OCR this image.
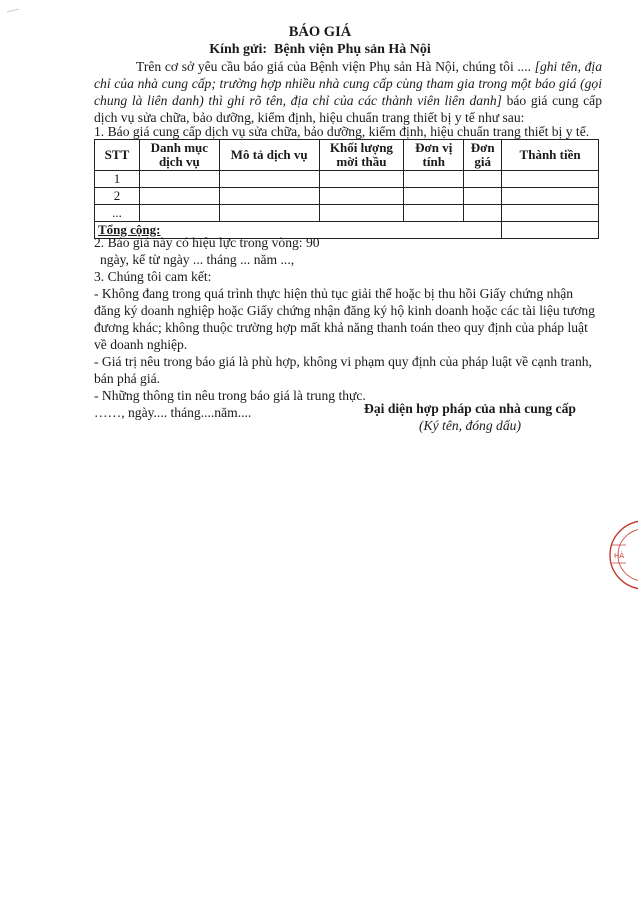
BÁO GIÁ
Kính gửi: Bệnh viện Phụ sản Hà Nội
Trên cơ sở yêu cầu báo giá của Bệnh viện Phụ sản Hà Nội, chúng tôi .... [ghi tên, địa chỉ của nhà cung cấp; trường hợp nhiều nhà cung cấp cùng tham gia trong một báo giá (gọi chung là liên danh) thì ghi rõ tên, địa chỉ của các thành viên liên danh] báo giá cung cấp dịch vụ sửa chữa, bảo dưỡng, kiểm định, hiệu chuẩn trang thiết bị y tế như sau:
1. Báo giá cung cấp dịch vụ sửa chữa, bảo dưỡng, kiểm định, hiệu chuẩn trang thiết bị y tế.
STT	Danh mục dịch vụ	Mô tả dịch vụ	Khối lượng mời thầu	Đơn vị tính	Đơn giá	Thành tiền
1						
2						
...						
Tổng cộng:						

2. Báo giá này có hiệu lực trong vòng: 90

ngày, kể từ ngày ... tháng ... năm ...,

3. Chúng tôi cam kết:

- Không đang trong quá trình thực hiện thủ tục giải thể hoặc bị thu hồi Giấy chứng nhận đăng ký doanh nghiệp hoặc Giấy chứng nhận đăng ký hộ kinh doanh hoặc các tài liệu tương đương khác; không thuộc trường hợp mất khả năng thanh toán theo quy định của pháp luật về doanh nghiệp.

- Giá trị nêu trong báo giá là phù hợp, không vi phạm quy định của pháp luật về cạnh tranh, bán phá giá.

- Những thông tin nêu trong báo giá là trung thực.

……, ngày.... tháng....năm....	Đại diện hợp pháp của nhà cung cấp
(Ký tên, đóng dấu)
HÀ
